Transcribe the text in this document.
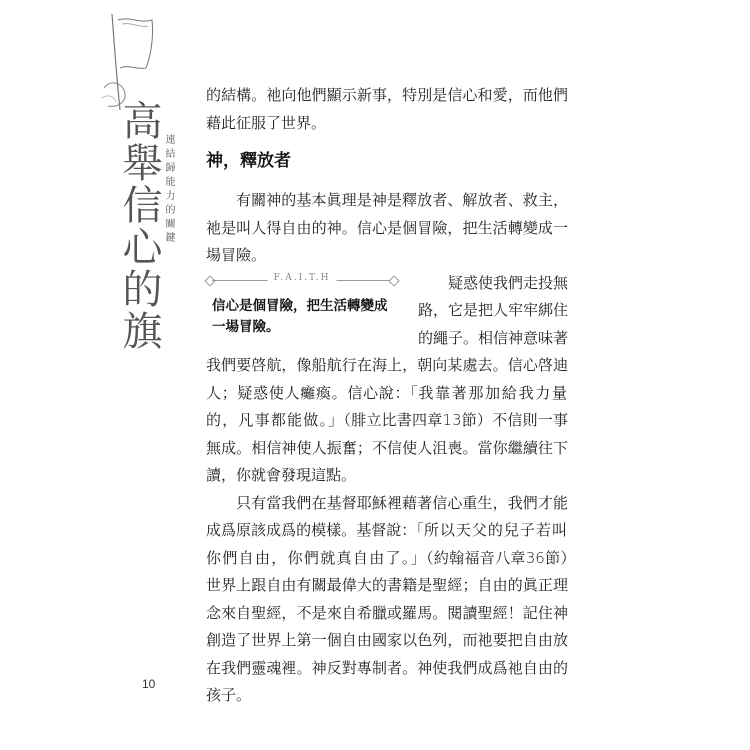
高舉信心的旗 連結歸能力的關鍵

的結構。祂向他們顯示新事，特別是信心和愛，而他們藉此征服了世界。

神，釋放者

有關神的基本眞理是神是釋放者、解放者、救主，祂是叫人得自由的神。信心是個冒險，把生活轉變成一場冒險。

F.A.I.T.H
信心是個冒險，把生活轉變成一場冒險。

疑惑使我們走投無路，它是把人牢牢綁住的繩子。相信神意味著我們要啓航，像船航行在海上，朝向某處去。信心啓迪人；疑惑使人癱瘓。信心說：「我靠著那加給我力量的，凡事都能做。」（腓立比書四章13節）不信則一事無成。相信神使人振奮；不信使人沮喪。當你繼續往下讀，你就會發現這點。

只有當我們在基督耶穌裡藉著信心重生，我們才能成爲原該成爲的模樣。基督說：「所以天父的兒子若叫你們自由，你們就真自由了。」（約翰福音八章36節）世界上跟自由有關最偉大的書籍是聖經；自由的眞正理念來自聖經，不是來自希臘或羅馬。閱讀聖經！記住神創造了世界上第一個自由國家以色列，而祂要把自由放在我們靈魂裡。神反對專制者。神使我們成爲祂自由的孩子。

10
